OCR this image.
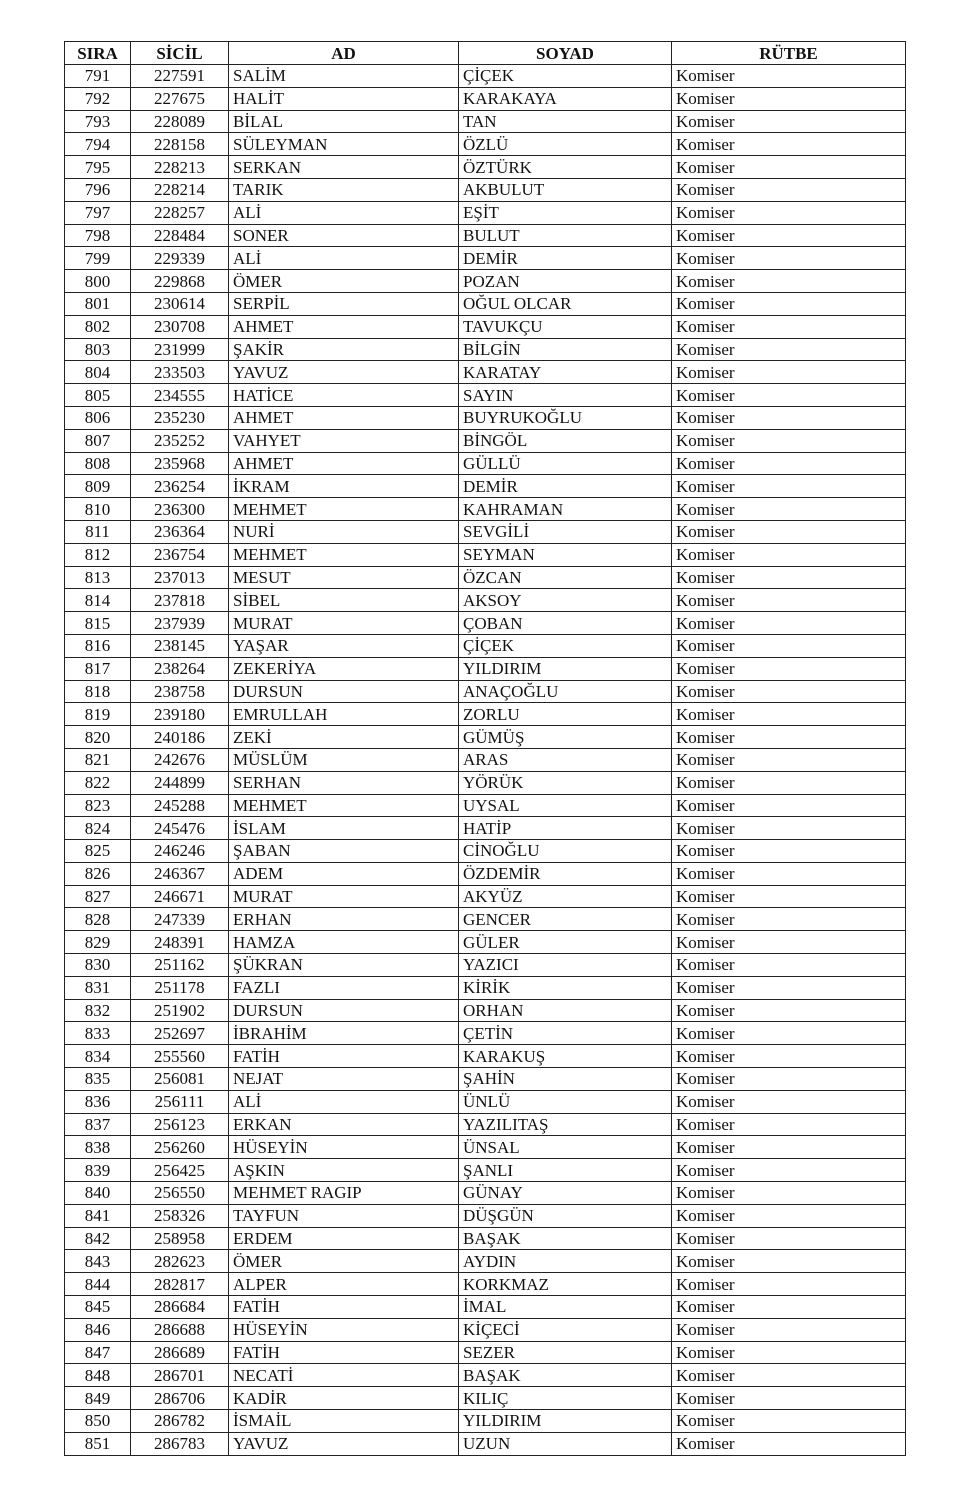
SIRA	SİCİL	AD	SOYAD	RÜTBE
791	227591	SALİM	ÇİÇEK	Komiser
792	227675	HALİT	KARAKAYA	Komiser
793	228089	BİLAL	TAN	Komiser
794	228158	SÜLEYMAN	ÖZLÜ	Komiser
795	228213	SERKAN	ÖZTÜRK	Komiser
796	228214	TARIK	AKBULUT	Komiser
797	228257	ALİ	EŞİT	Komiser
798	228484	SONER	BULUT	Komiser
799	229339	ALİ	DEMİR	Komiser
800	229868	ÖMER	POZAN	Komiser
801	230614	SERPİL	OĞUL OLCAR	Komiser
802	230708	AHMET	TAVUKÇU	Komiser
803	231999	ŞAKİR	BİLGİN	Komiser
804	233503	YAVUZ	KARATAY	Komiser
805	234555	HATİCE	SAYIN	Komiser
806	235230	AHMET	BUYRUKOĞLU	Komiser
807	235252	VAHYET	BİNGÖL	Komiser
808	235968	AHMET	GÜLLÜ	Komiser
809	236254	İKRAM	DEMİR	Komiser
810	236300	MEHMET	KAHRAMAN	Komiser
811	236364	NURİ	SEVGİLİ	Komiser
812	236754	MEHMET	SEYMAN	Komiser
813	237013	MESUT	ÖZCAN	Komiser
814	237818	SİBEL	AKSOY	Komiser
815	237939	MURAT	ÇOBAN	Komiser
816	238145	YAŞAR	ÇİÇEK	Komiser
817	238264	ZEKERİYA	YILDIRIM	Komiser
818	238758	DURSUN	ANAÇOĞLU	Komiser
819	239180	EMRULLAH	ZORLU	Komiser
820	240186	ZEKİ	GÜMÜŞ	Komiser
821	242676	MÜSLÜM	ARAS	Komiser
822	244899	SERHAN	YÖRÜK	Komiser
823	245288	MEHMET	UYSAL	Komiser
824	245476	İSLAM	HATİP	Komiser
825	246246	ŞABAN	CİNOĞLU	Komiser
826	246367	ADEM	ÖZDEMİR	Komiser
827	246671	MURAT	AKYÜZ	Komiser
828	247339	ERHAN	GENCER	Komiser
829	248391	HAMZA	GÜLER	Komiser
830	251162	ŞÜKRAN	YAZICI	Komiser
831	251178	FAZLI	KİRİK	Komiser
832	251902	DURSUN	ORHAN	Komiser
833	252697	İBRAHİM	ÇETİN	Komiser
834	255560	FATİH	KARAKUŞ	Komiser
835	256081	NEJAT	ŞAHİN	Komiser
836	256111	ALİ	ÜNLÜ	Komiser
837	256123	ERKAN	YAZILITAŞ	Komiser
838	256260	HÜSEYİN	ÜNSAL	Komiser
839	256425	AŞKIN	ŞANLI	Komiser
840	256550	MEHMET RAGIP	GÜNAY	Komiser
841	258326	TAYFUN	DÜŞGÜN	Komiser
842	258958	ERDEM	BAŞAK	Komiser
843	282623	ÖMER	AYDIN	Komiser
844	282817	ALPER	KORKMAZ	Komiser
845	286684	FATİH	İMAL	Komiser
846	286688	HÜSEYİN	KİÇECİ	Komiser
847	286689	FATİH	SEZER	Komiser
848	286701	NECATİ	BAŞAK	Komiser
849	286706	KADİR	KILIÇ	Komiser
850	286782	İSMAİL	YILDIRIM	Komiser
851	286783	YAVUZ	UZUN	Komiser
